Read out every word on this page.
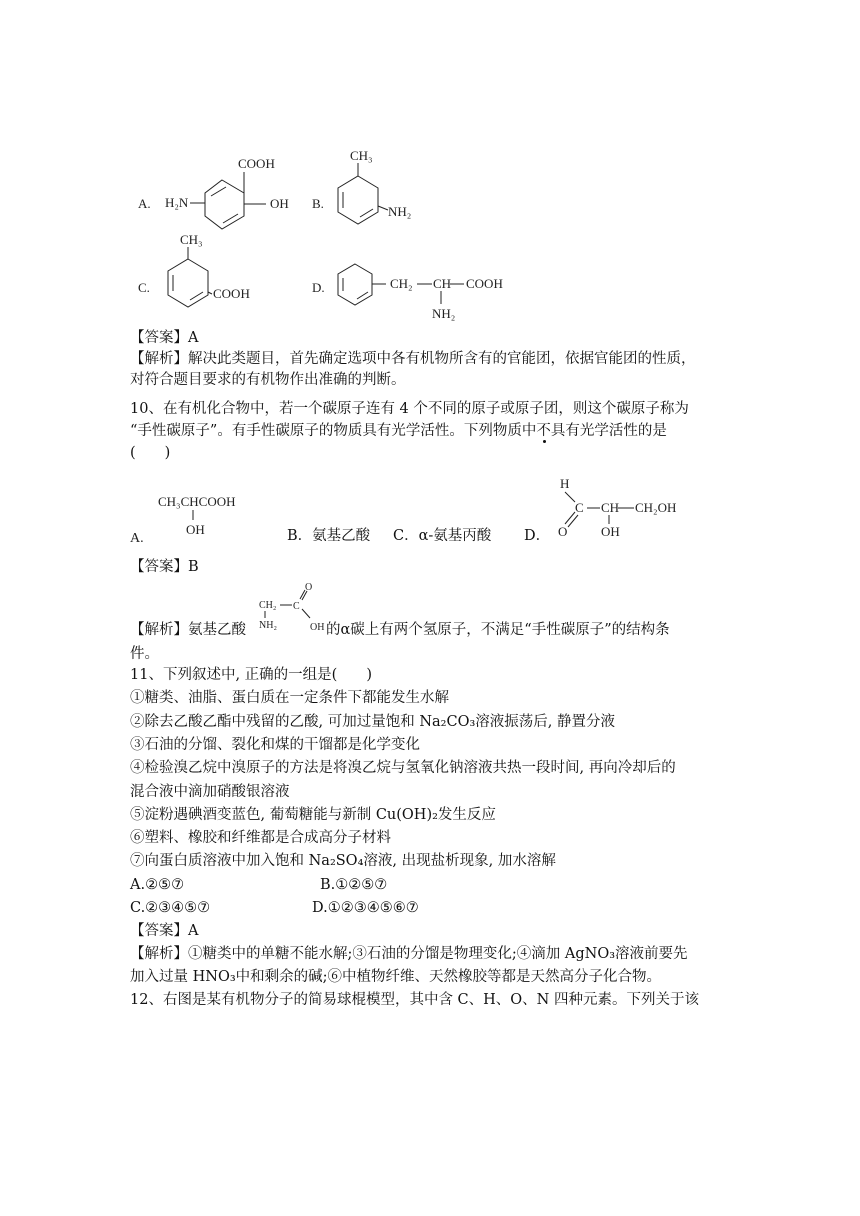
A. H₂N
COOH
OH B.
CH₃
NH₂
C.
CH₃
COOH	D.	CH₂ CH COOH
NH₂
【答案】A
【解析】解决此类题目，首先确定选项中各有机物所含有的官能团，依据官能团的性质，
对符合题目要求的有机物作出准确的判断。
10、在有机化合物中，若一个碳原子连有 4 个不同的原子或原子团，则这个碳原子称为
“手性碳原子”。有手性碳原子的物质具有光学活性。下列物质中不具有光学活性的是
(　　)
A.
CH₃CHCOOH
OH
H
C
O
CH CH₂OH
OH
B．氨基乙酸 C．α-氨基丙酸 D．
【答案】B
【解析】氨基乙酸	的α碳上有两个氢原子，不满足“手性碳原子”的结构条
CH₂ C
O
OH
NH₂
件。
11、下列叙述中, 正确的一组是(　　)
①糖类、油脂、蛋白质在一定条件下都能发生水解
②除去乙酸乙酯中残留的乙酸, 可加过量饱和 Na₂CO₃溶液振荡后, 静置分液
③石油的分馏、裂化和煤的干馏都是化学变化
④检验溴乙烷中溴原子的方法是将溴乙烷与氢氧化钠溶液共热一段时间, 再向冷却后的
混合液中滴加硝酸银溶液
⑤淀粉遇碘酒变蓝色, 葡萄糖能与新制 Cu(OH)₂发生反应
⑥塑料、橡胶和纤维都是合成高分子材料
⑦向蛋白质溶液中加入饱和 Na₂SO₄溶液, 出现盐析现象, 加水溶解
A.②⑤⑦	B.①②⑤⑦
C.②③④⑤⑦	D.①②③④⑤⑥⑦
【答案】A
【解析】①糖类中的单糖不能水解;③石油的分馏是物理变化;④滴加 AgNO₃溶液前要先
加入过量 HNO₃中和剩余的碱;⑥中植物纤维、天然橡胶等都是天然高分子化合物。
12、右图是某有机物分子的简易球棍模型，其中含 C、H、O、N 四种元素。下列关于该
